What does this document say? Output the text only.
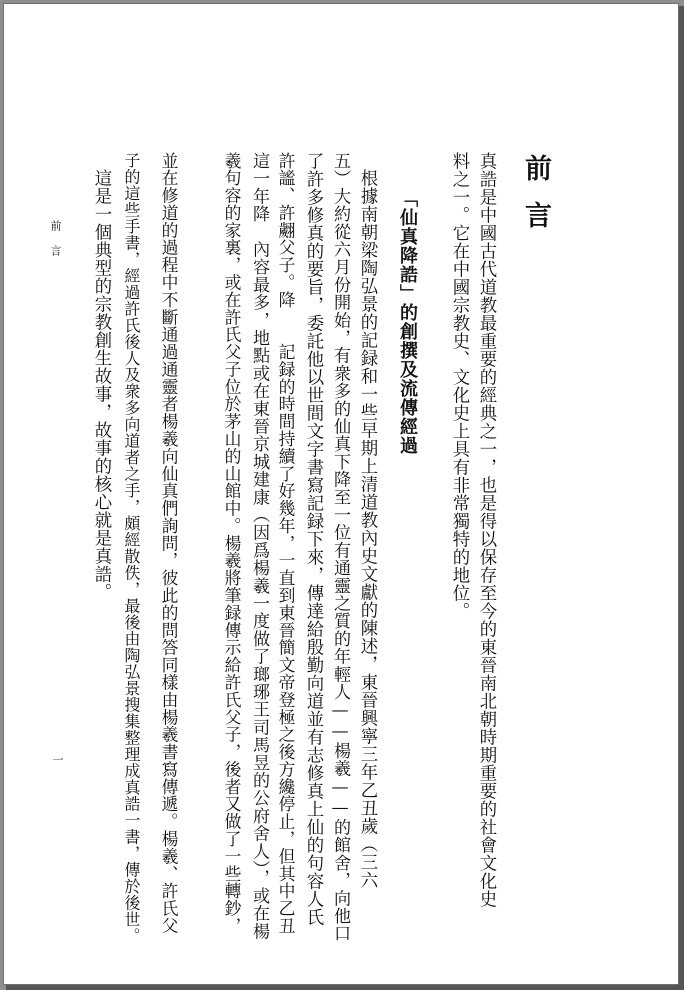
前言
真誥是中國古代道教最重要的經典之一，也是得以保存至今的東晉南北朝時期重要的社會文化史
料之一。它在中國宗教史、文化史上具有非常獨特的地位。
「仙真降誥」的創撰及流傳經過
根據南朝梁陶弘景的記録和一些早期上清道教內史文獻的陳述，東晉興寧三年乙丑歲（三六
五）大約從六月份開始，有衆多的仙真下降至一位有通靈之質的年輕人——楊羲——的館舍，向他口
了許多修真的要旨，委託他以世間文字書寫記録下來，傳達給殷勤向道並有志修真上仙的句容人氏
許謐、許翽父子。降　　記録的時間持續了好幾年，一直到東晉簡文帝登極之後方纔停止，但其中乙丑
這一年降　內容最多，地點或在東晉京城建康（因爲楊羲一度做了瑯琊王司馬昱的公府舍人），或在楊
羲句容的家裏，或在許氏父子位於茅山的山館中。楊羲將筆録傳示給許氏父子，後者又做了一些轉鈔，
並在修道的過程中不斷通過通靈者楊羲向仙真們詢問，彼此的問答同樣由楊羲書寫傳遞。楊羲、許氏父
子的這些手書，經過許氏後人及衆多向道者之手，頗經散佚，最後由陶弘景搜集整理成真誥一書，傳於後世。
這是一個典型的宗教創生故事，故事的核心就是真誥。
前言
一
